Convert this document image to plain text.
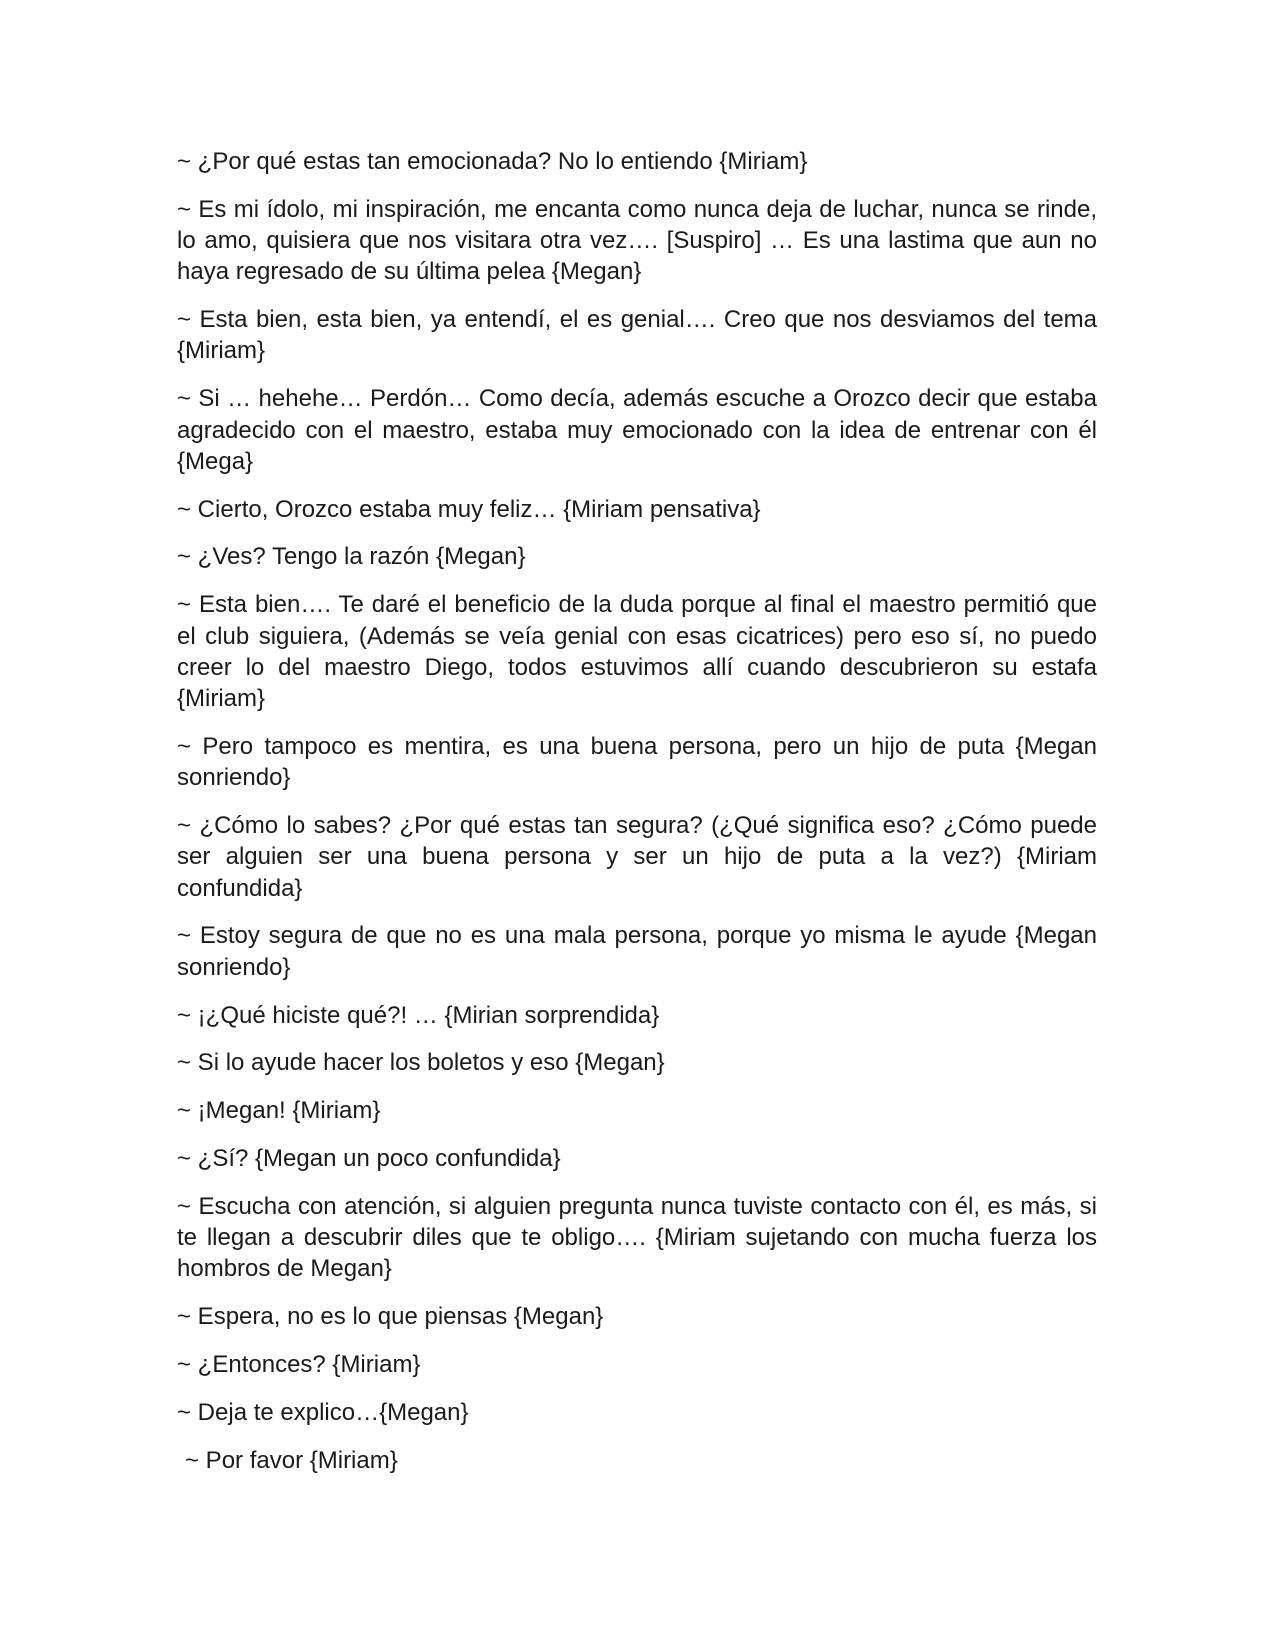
~ ¿Por qué estas tan emocionada? No lo entiendo {Miriam}

~ Es mi ídolo, mi inspiración, me encanta como nunca deja de luchar, nunca se rinde, lo amo, quisiera que nos visitara otra vez…. [Suspiro] … Es una lastima que aun no haya regresado de su última pelea {Megan}

~ Esta bien, esta bien, ya entendí, el es genial…. Creo que nos desviamos del tema {Miriam}

~ Si … hehehe… Perdón… Como decía, además escuche a Orozco decir que estaba agradecido con el maestro, estaba muy emocionado con la idea de entrenar con él {Mega}

~ Cierto, Orozco estaba muy feliz… {Miriam pensativa}

~ ¿Ves? Tengo la razón {Megan}

~ Esta bien…. Te daré el beneficio de la duda porque al final el maestro permitió que el club siguiera, (Además se veía genial con esas cicatrices) pero eso sí, no puedo creer lo del maestro Diego, todos estuvimos allí cuando descubrieron su estafa {Miriam}

~ Pero tampoco es mentira, es una buena persona, pero un hijo de puta {Megan sonriendo}

~ ¿Cómo lo sabes? ¿Por qué estas tan segura? (¿Qué significa eso? ¿Cómo puede ser alguien ser una buena persona y ser un hijo de puta a la vez?) {Miriam confundida}

~ Estoy segura de que no es una mala persona, porque yo misma le ayude {Megan sonriendo}

~ ¡¿Qué hiciste qué?! … {Mirian sorprendida}

~ Si lo ayude hacer los boletos y eso {Megan}

~ ¡Megan! {Miriam}

~ ¿Sí? {Megan un poco confundida}

~ Escucha con atención, si alguien pregunta nunca tuviste contacto con él, es más, si te llegan a descubrir diles que te obligo…. {Miriam sujetando con mucha fuerza los hombros de Megan}

~ Espera, no es lo que piensas {Megan}

~ ¿Entonces? {Miriam}

~ Deja te explico…{Megan}

~ Por favor {Miriam}
